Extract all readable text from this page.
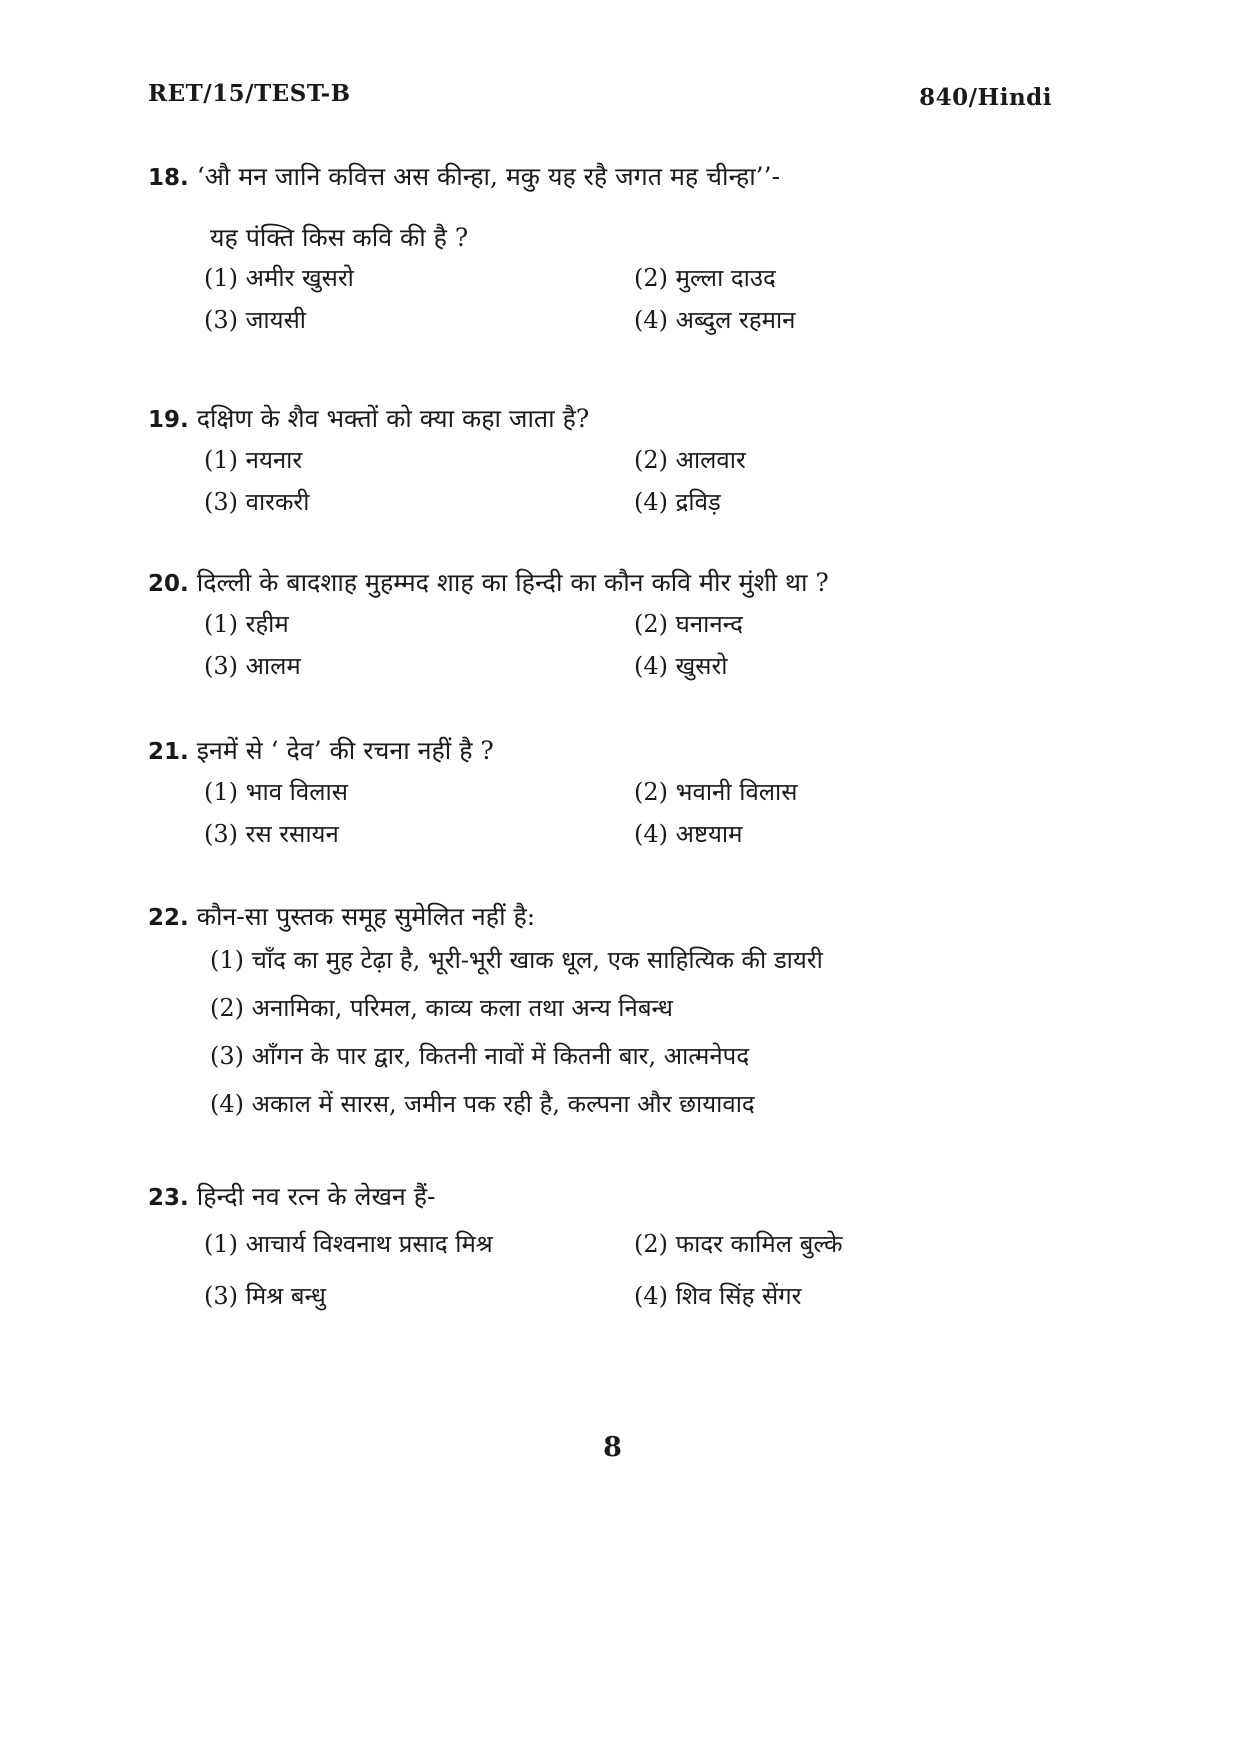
RET/15/TEST-B	840/Hindi
18. ‘औ मन जानि कवित्त अस कीन्हा, मकु यह रहै जगत मह चीन्हा’’-
यह पंक्ति किस कवि की है ?
(1) अमीर खुसरो	(2) मुल्ला दाउद
(3) जायसी	(4) अब्दुल रहमान
19. दक्षिण के शैव भक्तों को क्या कहा जाता है?
(1) नयनार	(2) आलवार
(3) वारकरी	(4) द्रविड़
20. दिल्ली के बादशाह मुहम्मद शाह का हिन्दी का कौन कवि मीर मुंशी था ?
(1) रहीम	(2) घनानन्द
(3) आलम	(4) खुसरो
21. इनमें से ‘ देव’ की रचना नहीं है ?
(1) भाव विलास	(2) भवानी विलास
(3) रस रसायन	(4) अष्टयाम
22. कौन-सा पुस्तक समूह सुमेलित नहीं है:
(1) चाँद का मुह टेढ़ा है, भूरी-भूरी खाक धूल, एक साहित्यिक की डायरी
(2) अनामिका, परिमल, काव्य कला तथा अन्य निबन्ध
(3) आँगन के पार द्वार, कितनी नावों में कितनी बार, आत्मनेपद
(4) अकाल में सारस, जमीन पक रही है, कल्पना और छायावाद
23. हिन्दी नव रत्न के लेखन हैं-
(1) आचार्य विश्वनाथ प्रसाद मिश्र	(2) फादर कामिल बुल्के
(3) मिश्र बन्धु	(4) शिव सिंह सेंगर
8
